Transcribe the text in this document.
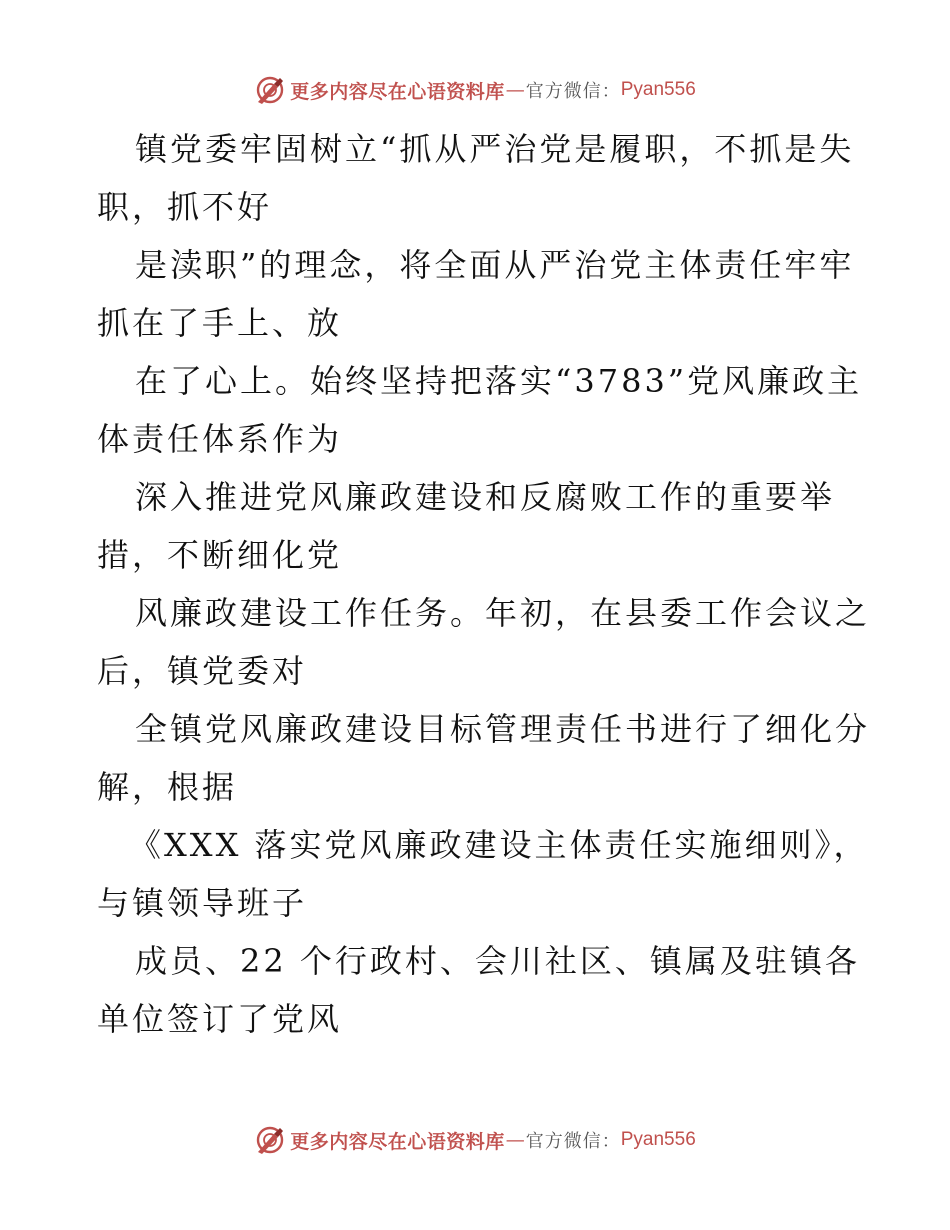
更多内容尽在心语资料库 — 官方微信： Pyan556

镇党委牢固树立“抓从严治党是履职，不抓是失
职，抓不好

是渎职”的理念，将全面从严治党主体责任牢牢
抓在了手上、放

在了心上。始终坚持把落实“3783”党风廉政主
体责任体系作为

深入推进党风廉政建设和反腐败工作的重要举
措，不断细化党

风廉政建设工作任务。年初，在县委工作会议之
后，镇党委对

全镇党风廉政建设目标管理责任书进行了细化分
解，根据

《XXX 落实党风廉政建设主体责任实施细则》，
与镇领导班子

成员、22 个行政村、会川社区、镇属及驻镇各
单位签订了党风

更多内容尽在心语资料库 — 官方微信： Pyan556
